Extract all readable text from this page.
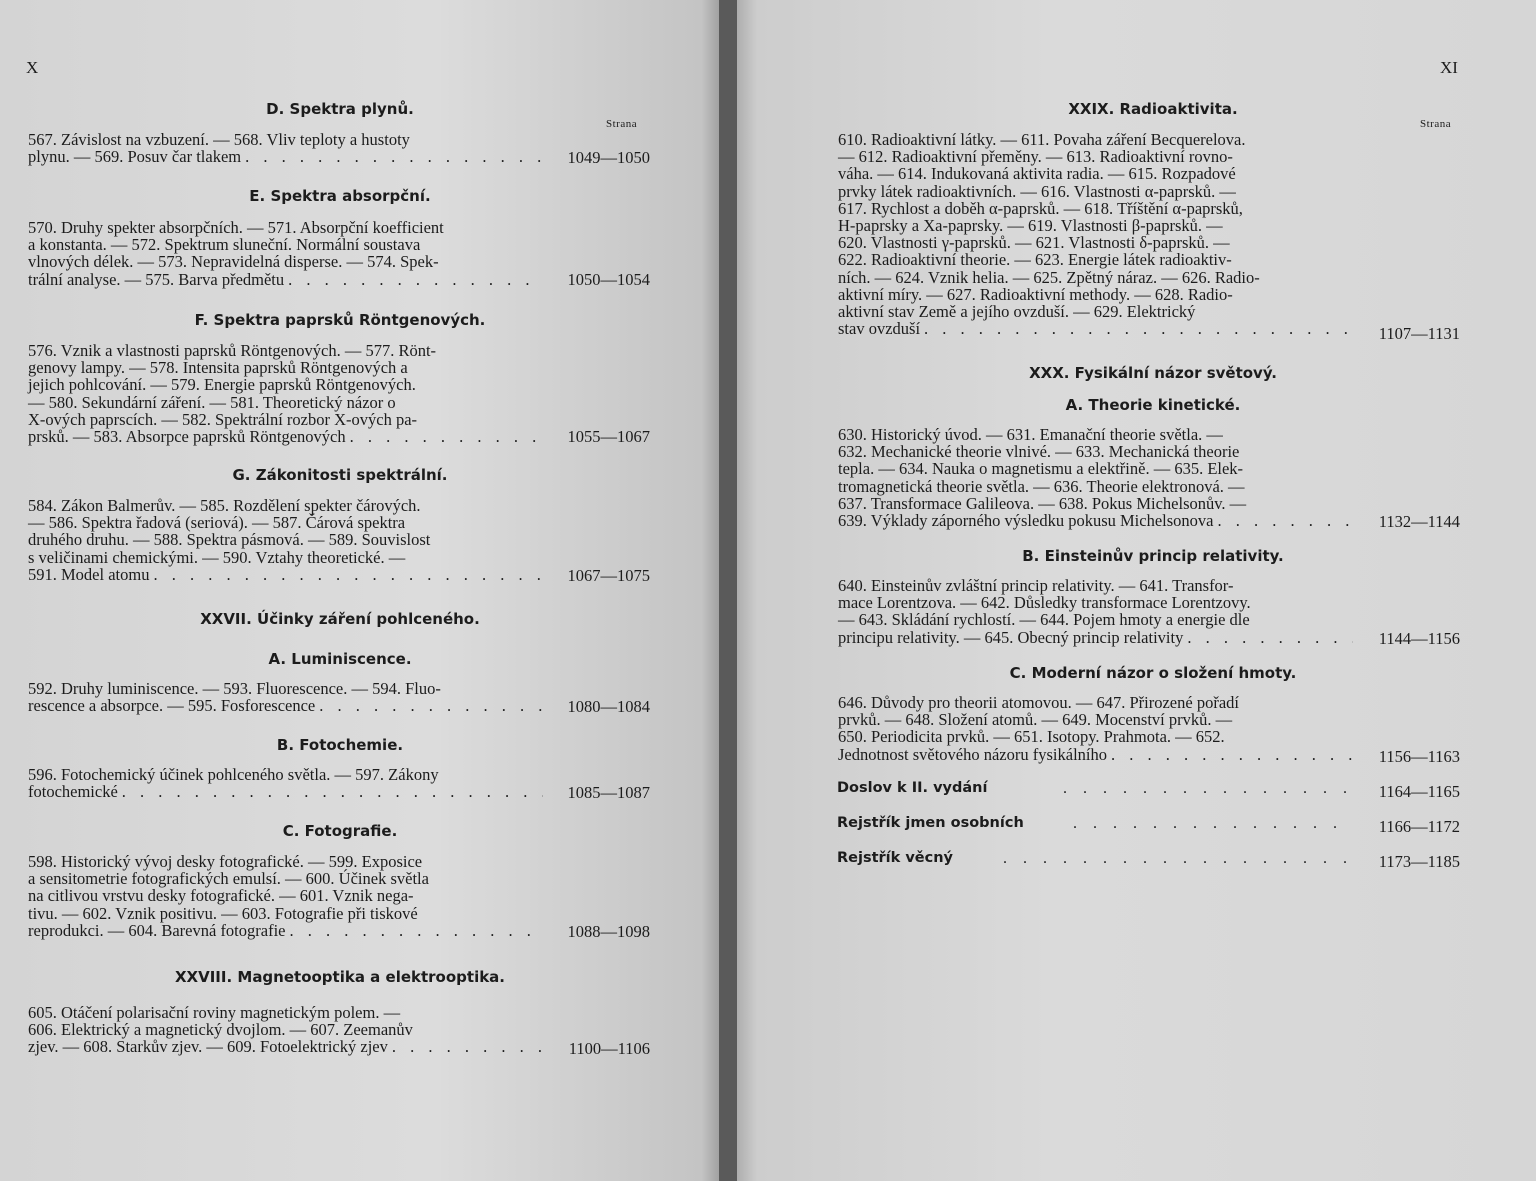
X
Strana
D. Spektra plynů.
567. Závislost na vzbuzení. — 568. Vliv teploty a hustoty
plynu. — 569. Posuv čar tlakem . . .	1049—1050
E. Spektra absorpční.
570. Druhy spekter absorpčních. — 571. Absorpční koefficient
a konstanta. — 572. Spektrum sluneční. Normální soustava
vlnových délek. — 573. Nepravidelná disperse. — 574. Spek-
trální analyse. — 575. Barva předmětu . . .	1050—1054
F. Spektra paprsků Röntgenových.
576. Vznik a vlastnosti paprsků Röntgenových. — 577. Rönt-
genovy lampy. — 578. Intensita paprsků Röntgenových a
jejich pohlcování. — 579. Energie paprsků Röntgenových.
— 580. Sekundární záření. — 581. Theoretický názor o
X-ových paprscích. — 582. Spektrální rozbor X-ových pa-
prsků. — 583. Absorpce paprsků Röntgenových . . .	1055—1067
G. Zákonitosti spektrální.
584. Zákon Balmerův. — 585. Rozdělení spekter čárových.
— 586. Spektra řadová (seriová). — 587. Čárová spektra
druhého druhu. — 588. Spektra pásmová. — 589. Souvislost
s veličinami chemickými. — 590. Vztahy theoretické. —
591. Model atomu . . .	1067—1075
XXVII. Účinky záření pohlceného.
A. Luminiscence.
592. Druhy luminiscence. — 593. Fluorescence. — 594. Fluo-
rescence a absorpce. — 595. Fosforescence . . .	1080—1084
B. Fotochemie.
596. Fotochemický účinek pohlceného světla. — 597. Zákony
fotochemické . . .	1085—1087
C. Fotografie.
598. Historický vývoj desky fotografické. — 599. Exposice
a sensitometrie fotografických emulsí. — 600. Účinek světla
na citlivou vrstvu desky fotografické. — 601. Vznik nega-
tivu. — 602. Vznik positivu. — 603. Fotografie při tiskové
reprodukci. — 604. Barevná fotografie . . .	1088—1098
XXVIII. Magnetooptika a elektrooptika.
605. Otáčení polarisační roviny magnetickým polem. —
606. Elektrický a magnetický dvojlom. — 607. Zeemanův
zjev. — 608. Starkův zjev. — 609. Fotoelektrický zjev . . .	1100—1106
XI
Strana
XXIX. Radioaktivita.
610. Radioaktivní látky. — 611. Povaha záření Becquerelova.
— 612. Radioaktivní přeměny. — 613. Radioaktivní rovno-
váha. — 614. Indukovaná aktivita radia. — 615. Rozpadové
prvky látek radioaktivních. — 616. Vlastnosti α-paprsků. —
617. Rychlost a doběh α-paprsků. — 618. Tříštění α-paprsků,
H-paprsky a Xa-paprsky. — 619. Vlastnosti β-paprsků. —
620. Vlastnosti γ-paprsků. — 621. Vlastnosti δ-paprsků. —
622. Radioaktivní theorie. — 623. Energie látek radioaktiv-
ních. — 624. Vznik helia. — 625. Zpětný náraz. — 626. Radio-
aktivní míry. — 627. Radioaktivní methody. — 628. Radio-
aktivní stav Země a jejího ovzduší. — 629. Elektrický
stav ovzduší . . .	1107—1131
XXX. Fysikální názor světový.
A. Theorie kinetické.
630. Historický úvod. — 631. Emanační theorie světla. —
632. Mechanické theorie vlnivé. — 633. Mechanická theorie
tepla. — 634. Nauka o magnetismu a elektřině. — 635. Elek-
tromagnetická theorie světla. — 636. Theorie elektronová. —
637. Transformace Galileova. — 638. Pokus Michelsonův. —
639. Výklady záporného výsledku pokusu Michelsonova . . .	1132—1144
B. Einsteinův princip relativity.
640. Einsteinův zvláštní princip relativity. — 641. Transfor-
mace Lorentzova. — 642. Důsledky transformace Lorentzovy.
— 643. Skládání rychlostí. — 644. Pojem hmoty a energie dle
principu relativity. — 645. Obecný princip relativity . . .	1144—1156
C. Moderní názor o složení hmoty.
646. Důvody pro theorii atomovou. — 647. Přirozené pořadí
prvků. — 648. Složení atomů. — 649. Mocenství prvků. —
650. Periodicita prvků. — 651. Isotopy. Prahmota. — 652.
Jednotnost světového názoru fysikálního . . .	1156—1163
Doslov k II. vydání . . .	1164—1165
Rejstřík jmen osobních . . .	1166—1172
Rejstřík věcný . . .	1173—1185
